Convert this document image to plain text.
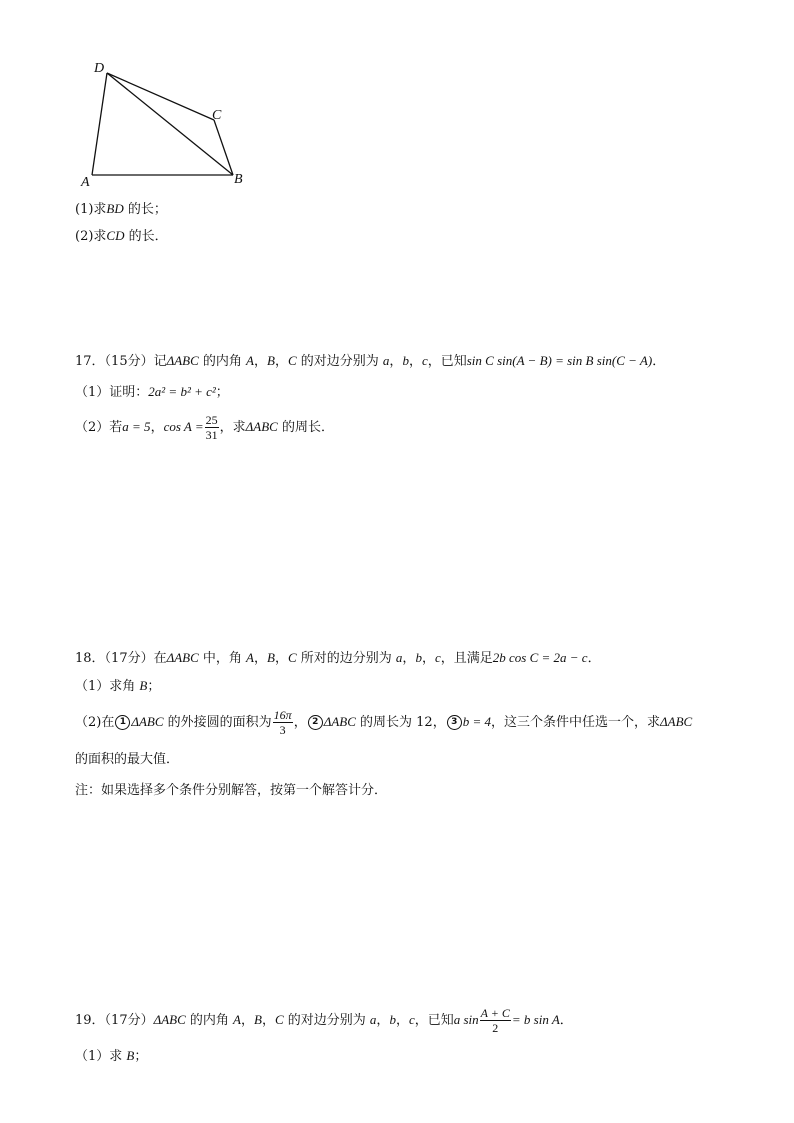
D
C
A	B
(1)求BD 的长；
(2)求CD 的长．
17．（15分）记ΔABC 的内角 A，B，C 的对边分别为 a，b，c，已知sin C sin(A − B) = sin B sin(C − A)．
（1）证明：2a² = b² + c²；
（2）若a = 5，$\cos A = \frac{25}{31}$ ，求ΔABC 的周长．
18．（17分）在ΔABC 中，角 A，B，C 所对的边分别为 a，b，c，且满足2b cos C = 2a − c．
（1）求角 B；
（2)在 1 ΔABC 的外接圆的面积为 $\frac{16\pi}{3}$ ， 2 ΔABC 的周长为 12， 3 b = 4，这三个条件中任选一个，求ΔABC
的面积的最大值．
注：如果选择多个条件分别解答，按第一个解答计分．
19．（17分）ΔABC 的内角 A，B，C 的对边分别为 a，b，c，已知a $\sin \frac{A + C}{2} = b$ sin A．
（1）求 B；
